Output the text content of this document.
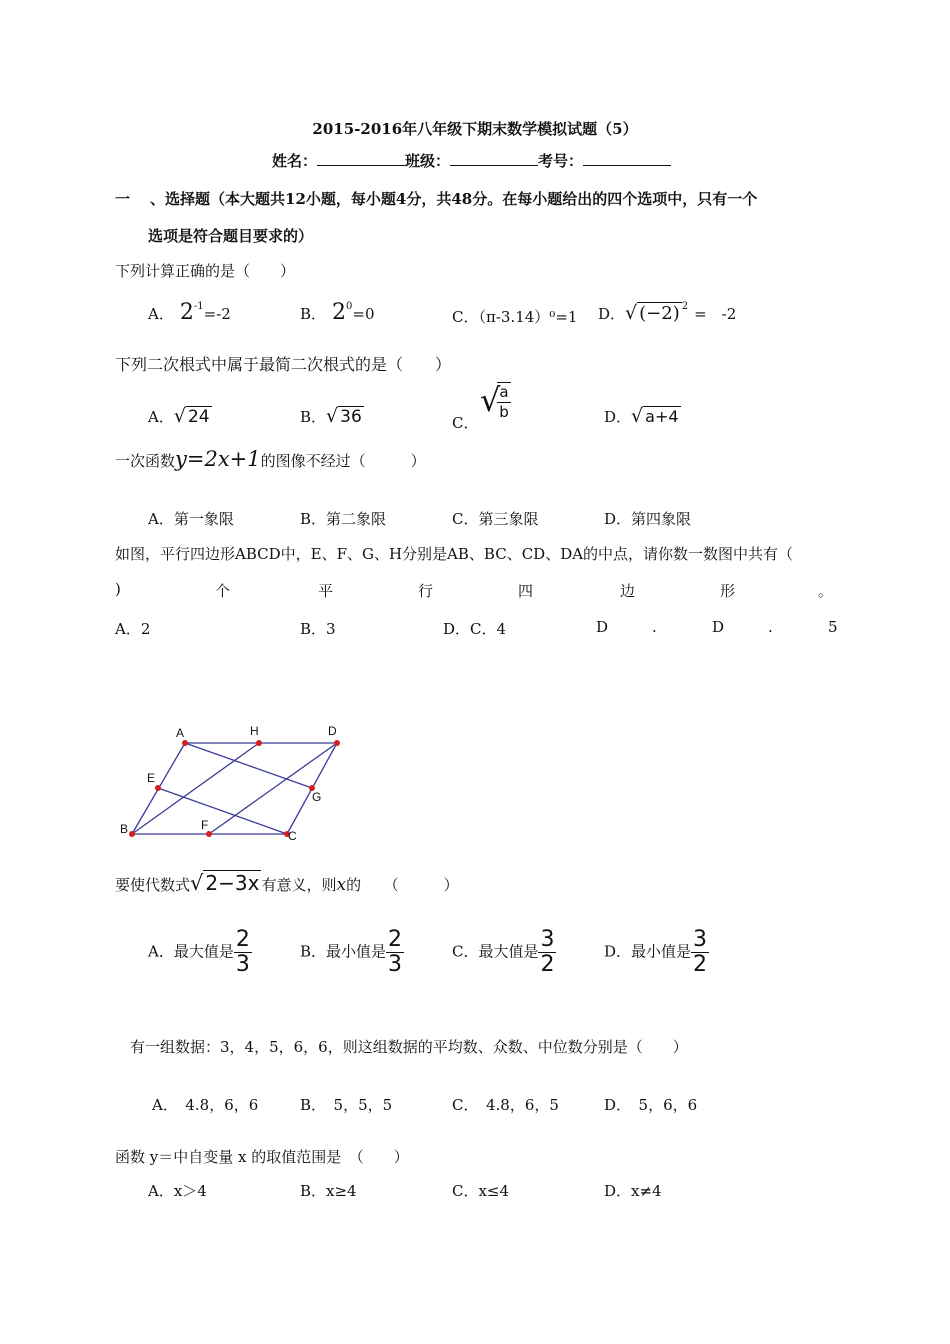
2015-2016年八年级下期末数学模拟试题（5）
姓名：	班级：	考号：
一 、选择题（本大题共12小题，每小题4分，共48分。在每小题给出的四个选项中，只有一个
选项是符合题目要求的）
下列计算正确的是（　　）
A． $2^{-1}=-2$	B． $2^0=0$	C．（π-3.14）⁰=1 D．√ (−2) $^2$ =　-2
下列二次根式中属于最简二次根式的是（　　）
A．√ 24	B．√ 36	C．
√
$\frac{a}{b}$	D．√ a+4
一次函数y=2x+1的图像不经过（　　　）
A．第一象限	B．第二象限	C．第三象限	D．第四象限
如图，平行四边形ABCD中，E、F、G、H分别是AB、BC、CD、DA的中点，请你数一数图中共有（
)	个	平	行	四	边	形	。
A．2	B．3	D．C．4	D	.	D	.	5
A	H	D
E
G
B	F
C
要使代数式√ 2−3x 有意义，则x的　　（　　　）
A．最大值是 $\frac{2}{3}$	B．最小值是 $\frac{2}{3}$	C．最大值是 $\frac{3}{2}$	D．最小值是 $\frac{3}{2}$
有一组数据：3，4，5，6，6，则这组数据的平均数、众数、中位数分别是（　　）
A．　4.8，6，6	B．　5，5，5	C．　4.8，6，5	D．　5，6，6
函数 y＝中自变量 x 的取值范围是　（　　）
A．x＞4	B．x≥4	C．x≤4	D．x≠4
